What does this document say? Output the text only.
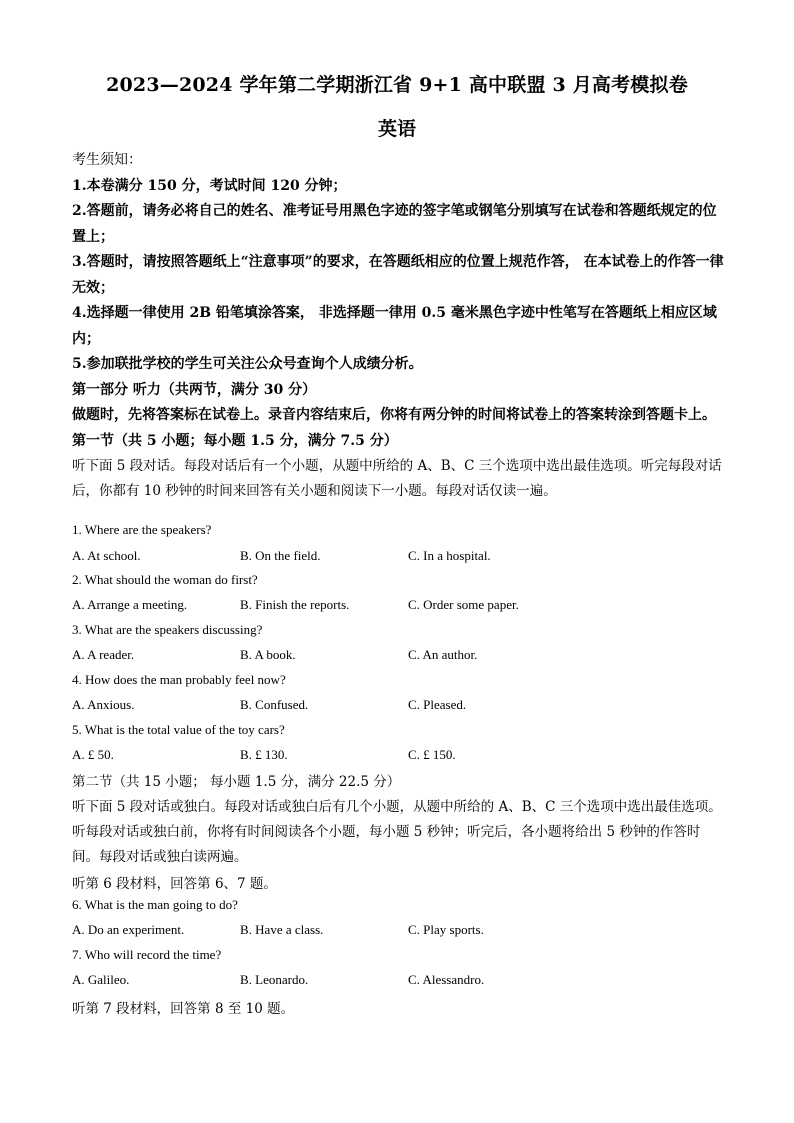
2023—2024 学年第二学期浙江省 9+1 高中联盟 3 月高考模拟卷
英语
考生须知：
1.本卷满分 150 分，考试时间 120 分钟；
2.答题前，请务必将自己的姓名、准考证号用黑色字迹的签字笔或钢笔分别填写在试卷和答题纸规定的位置上；
3.答题时，请按照答题纸上“注意事项”的要求，在答题纸相应的位置上规范作答， 在本试卷上的作答一律无效；
4.选择题一律使用 2B 铅笔填涂答案， 非选择题一律用 0.5 毫米黑色字迹中性笔写在答题纸上相应区域内；
5.参加联批学校的学生可关注公众号查询个人成绩分析。
第一部分 听力（共两节，满分 30 分）
做题时，先将答案标在试卷上。录音内容结束后，你将有两分钟的时间将试卷上的答案转涂到答题卡上。
第一节（共 5 小题；每小题 1.5 分，满分 7.5 分）
听下面 5 段对话。每段对话后有一个小题，从题中所给的 A、B、C 三个选项中选出最佳选项。听完每段对话后，你都有 10 秒钟的时间来回答有关小题和阅读下一小题。每段对话仅读一遍。
1. Where are the speakers?
A. At school.	B. On the field.	C. In a hospital.
2. What should the woman do first?
A. Arrange a meeting.	B. Finish the reports.	C. Order some paper.
3. What are the speakers discussing?
A. A reader.	B. A book.	C. An author.
4. How does the man probably feel now?
A. Anxious.	B. Confused.	C. Pleased.
5. What is the total value of the toy cars?
A. £ 50.	B. £ 130.	C. £ 150.
第二节（共 15 小题； 每小题 1.5 分，满分 22.5 分）
听下面 5 段对话或独白。每段对话或独白后有几个小题，从题中所给的 A、B、C 三个选项中选出最佳选项。听每段对话或独白前，你将有时间阅读各个小题，每小题 5 秒钟；听完后，各小题将给出 5 秒钟的作答时间。每段对话或独白读两遍。
听第 6 段材料，回答第 6、7 题。
6. What is the man going to do?
A. Do an experiment.	B. Have a class.	C. Play sports.
7. Who will record the time?
A. Galileo.	B. Leonardo.	C. Alessandro.
听第 7 段材料，回答第 8 至 10 题。
